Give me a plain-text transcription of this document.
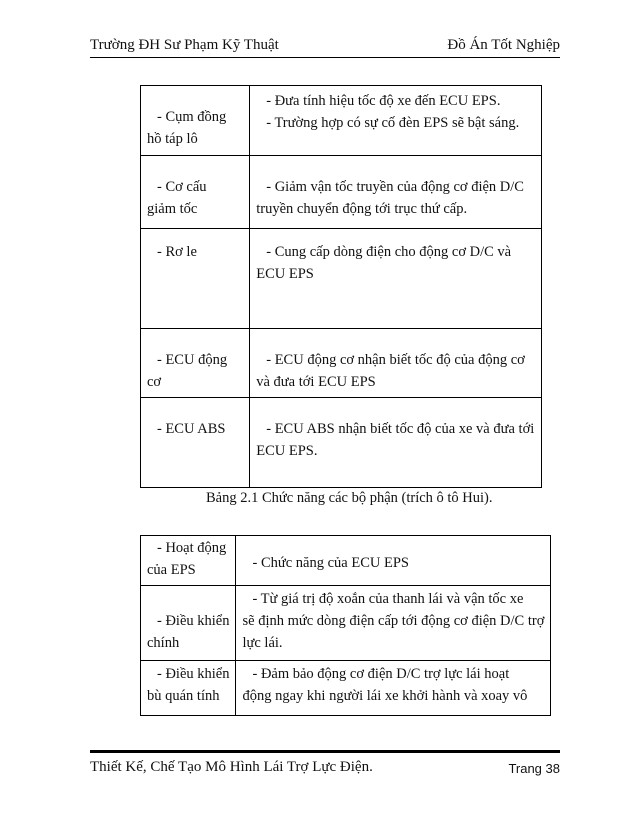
Trường ĐH Sư Phạm Kỹ Thuật	Đồ Án Tốt Nghiệp
- Cụm đồng
hồ táp lô	- Đưa tính hiệu tốc độ xe đến ECU EPS.
- Trường hợp có sự cố đèn EPS sẽ bật sáng.

- Cơ cấu
giảm tốc	- Giảm vận tốc truyền của động cơ điện D/C
truyền chuyển động tới trục thứ cấp.

- Rơ le	- Cung cấp dòng điện cho động cơ D/C và
ECU EPS

- ECU động
cơ	- ECU động cơ nhận biết tốc độ của động cơ
và đưa tới ECU EPS

- ECU ABS	- ECU ABS nhận biết tốc độ của xe và đưa tới
ECU EPS.
Bảng 2.1 Chức năng các bộ phận (trích ô tô Hui).
- Hoạt động
của EPS	- Chức năng của ECU EPS

- Điều khiển
chính	- Từ giá trị độ xoắn của thanh lái và vận tốc xe
sẽ định mức dòng điện cấp tới động cơ điện D/C trợ
lực lái.

- Điều khiển
bù quán tính	- Đảm bảo động cơ điện D/C trợ lực lái hoạt
động ngay khi người lái xe khởi hành và xoay vô
Thiết Kế, Chế Tạo Mô Hình Lái Trợ Lực Điện.	Trang 38
